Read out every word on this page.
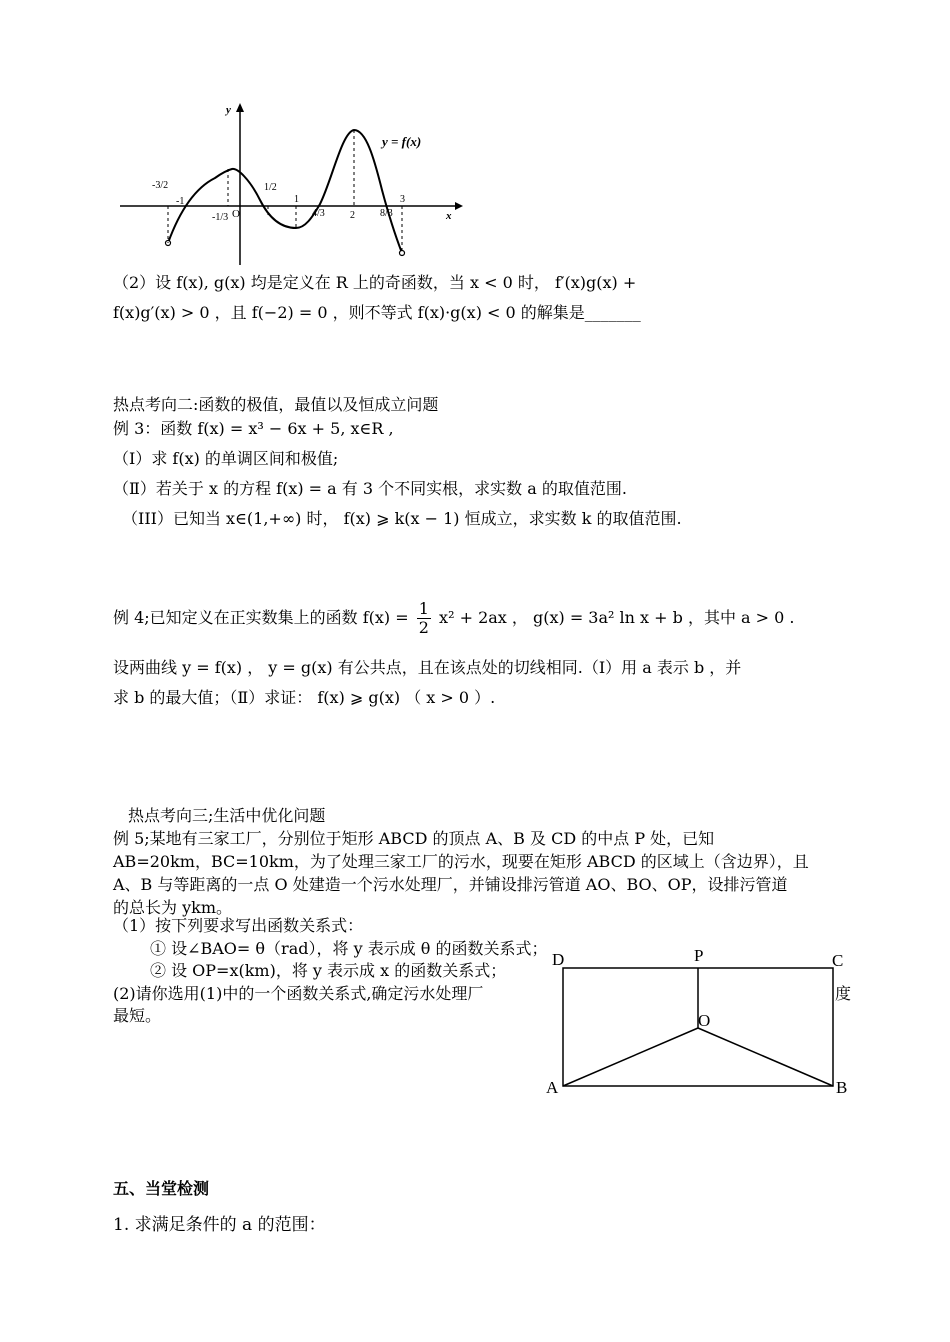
y
x
y = f(x)
O
-3/2
-1
-1/3
1/2
1
4/3	2	8/3
3
（2）设 f(x), g(x) 均是定义在 R 上的奇函数，当 x < 0 时， f′(x)g(x) +
f(x)g′(x) > 0 ，且 f(−2) = 0 ，则不等式 f(x)·g(x) < 0 的解集是_______
热点考向二:函数的极值，最值以及恒成立问题
例 3：函数 f(x) = x³ − 6x + 5, x∈R ,
（Ⅰ）求 f(x) 的单调区间和极值;
（Ⅱ）若关于 x 的方程 f(x) = a 有 3 个不同实根，求实数 a 的取值范围.
（III）已知当 x∈(1,+∞) 时， f(x) ⩾ k(x − 1) 恒成立，求实数 k 的取值范围.
例 4;已知定义在正实数集上的函数 $f(x) = \frac{1}{2} x^2 + 2ax$ ， g(x) = 3a² ln x + b ，其中 a > 0 .
设两曲线 y = f(x) ， y = g(x) 有公共点，且在该点处的切线相同.（Ⅰ）用 a 表示 b ，并
求 b 的最大值；（Ⅱ）求证： f(x) ⩾ g(x) （ x > 0 ）.
热点考向三;生活中优化问题
例 5;某地有三家工厂，分别位于矩形 ABCD 的顶点 A、B 及 CD 的中点 P 处，已知
AB=20km，BC=10km，为了处理三家工厂的污水，现要在矩形 ABCD 的区域上（含边界），且
A、B 与等距离的一点 O 处建造一个污水处理厂，并铺设排污管道 AO、BO、OP，设排污管道
的总长为 ykm。
（1）按下列要求写出函数关系式：
① 设∠BAO= θ（rad），将 y 表示成 θ 的函数关系式；
② 设 OP=x(km)，将 y 表示成 x 的函数关系式；
(2)请你选用(1)中的一个函数关系式,确定污水处理厂	度
最短。
D	P	C
O
A	B
五、当堂检测
1. 求满足条件的 a 的范围：
